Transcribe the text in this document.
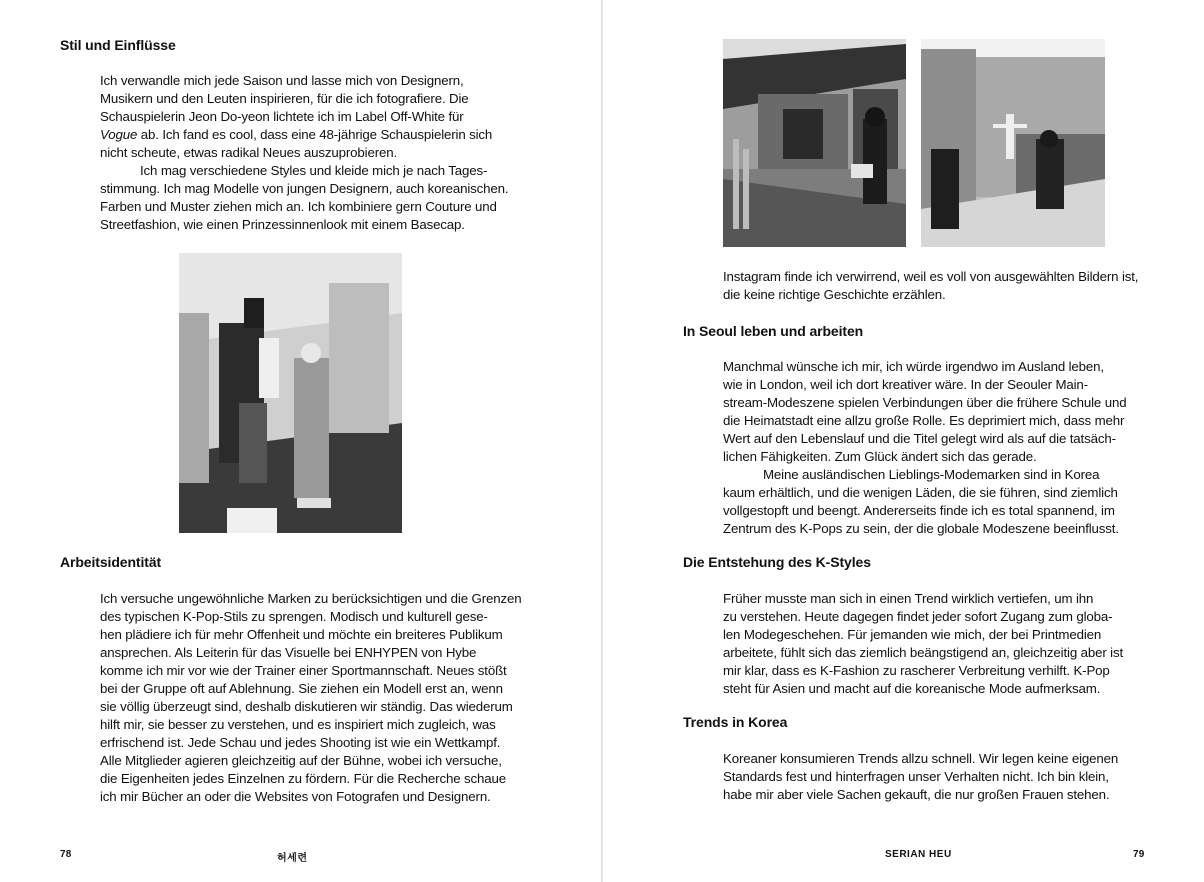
Stil und Einflüsse

Ich verwandle mich jede Saison und lasse mich von Designern,
Musikern und den Leuten inspirieren, für die ich fotografiere. Die
Schauspielerin Jeon Do-yeon lichtete ich im Label Off-White für
Vogue ab. Ich fand es cool, dass eine 48-jährige Schauspielerin sich
nicht scheute, etwas radikal Neues auszuprobieren.
Ich mag verschiedene Styles und kleide mich je nach Tages-
stimmung. Ich mag Modelle von jungen Designern, auch koreanischen.
Farben und Muster ziehen mich an. Ich kombiniere gern Couture und
Streetfashion, wie einen Prinzessinnenlook mit einem Basecap.

Arbeitsidentität

Ich versuche ungewöhnliche Marken zu berücksichtigen und die Grenzen
des typischen K-Pop-Stils zu sprengen. Modisch und kulturell gese-
hen plädiere ich für mehr Offenheit und möchte ein breiteres Publikum
ansprechen. Als Leiterin für das Visuelle bei ENHYPEN von Hybe
komme ich mir vor wie der Trainer einer Sportmannschaft. Neues stößt
bei der Gruppe oft auf Ablehnung. Sie ziehen ein Modell erst an, wenn
sie völlig überzeugt sind, deshalb diskutieren wir ständig. Das wiederum
hilft mir, sie besser zu verstehen, und es inspiriert mich zugleich, was
erfrischend ist. Jede Schau und jedes Shooting ist wie ein Wettkampf.
Alle Mitglieder agieren gleichzeitig auf der Bühne, wobei ich versuche,
die Eigenheiten jedes Einzelnen zu fördern. Für die Recherche schaue
ich mir Bücher an oder die Websites von Fotografen und Designern.

78	허세련

Instagram finde ich verwirrend, weil es voll von ausgewählten Bildern ist,
die keine richtige Geschichte erzählen.

In Seoul leben und arbeiten

Manchmal wünsche ich mir, ich würde irgendwo im Ausland leben,
wie in London, weil ich dort kreativer wäre. In der Seouler Main-
stream-Modeszene spielen Verbindungen über die frühere Schule und
die Heimatstadt eine allzu große Rolle. Es deprimiert mich, dass mehr
Wert auf den Lebenslauf und die Titel gelegt wird als auf die tatsäch-
lichen Fähigkeiten. Zum Glück ändert sich das gerade.
Meine ausländischen Lieblings-Modemarken sind in Korea
kaum erhältlich, und die wenigen Läden, die sie führen, sind ziemlich
vollgestopft und beengt. Andererseits finde ich es total spannend, im
Zentrum des K-Pops zu sein, der die globale Modeszene beeinflusst.

Die Entstehung des K-Styles

Früher musste man sich in einen Trend wirklich vertiefen, um ihn
zu verstehen. Heute dagegen findet jeder sofort Zugang zum globa-
len Modegeschehen. Für jemanden wie mich, der bei Printmedien
arbeitete, fühlt sich das ziemlich beängstigend an, gleichzeitig aber ist
mir klar, dass es K-Fashion zu rascherer Verbreitung verhilft. K-Pop
steht für Asien und macht auf die koreanische Mode aufmerksam.

Trends in Korea

Koreaner konsumieren Trends allzu schnell. Wir legen keine eigenen
Standards fest und hinterfragen unser Verhalten nicht. Ich bin klein,
habe mir aber viele Sachen gekauft, die nur großen Frauen stehen.

SERIAN HEU	79
